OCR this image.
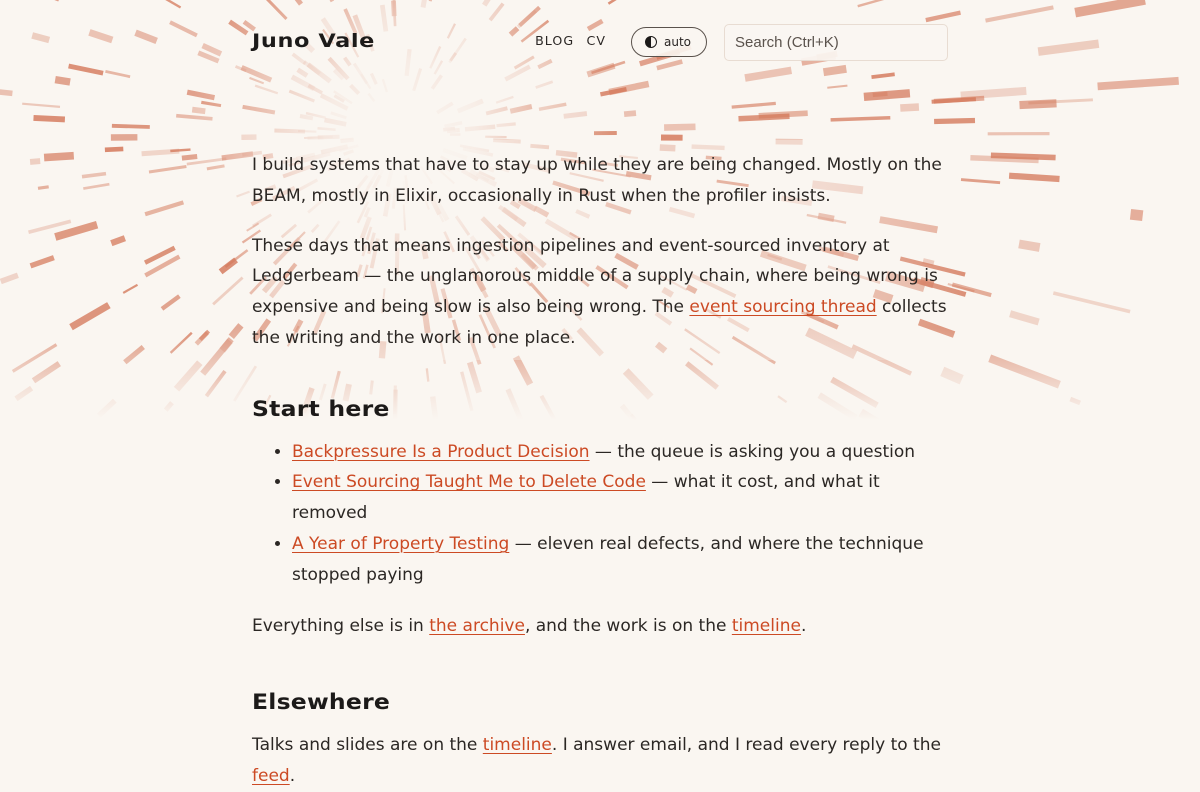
Juno Vale	BLOG CV	auto
Search (Ctrl+K)

I build systems that have to stay up while they are being changed. Mostly on the BEAM, mostly in Elixir, occasionally in Rust when the profiler insists.

These days that means ingestion pipelines and event-sourced inventory at Ledgerbeam — the unglamorous middle of a supply chain, where being wrong is expensive and being slow is also being wrong. The event sourcing thread collects the writing and the work in one place.

Start here
• Backpressure Is a Product Decision — the queue is asking you a question
• Event Sourcing Taught Me to Delete Code — what it cost, and what it removed
• A Year of Property Testing — eleven real defects, and where the technique stopped paying

Everything else is in the archive, and the work is on the timeline.

Elsewhere

Talks and slides are on the timeline. I answer email, and I read every reply to the feed.
